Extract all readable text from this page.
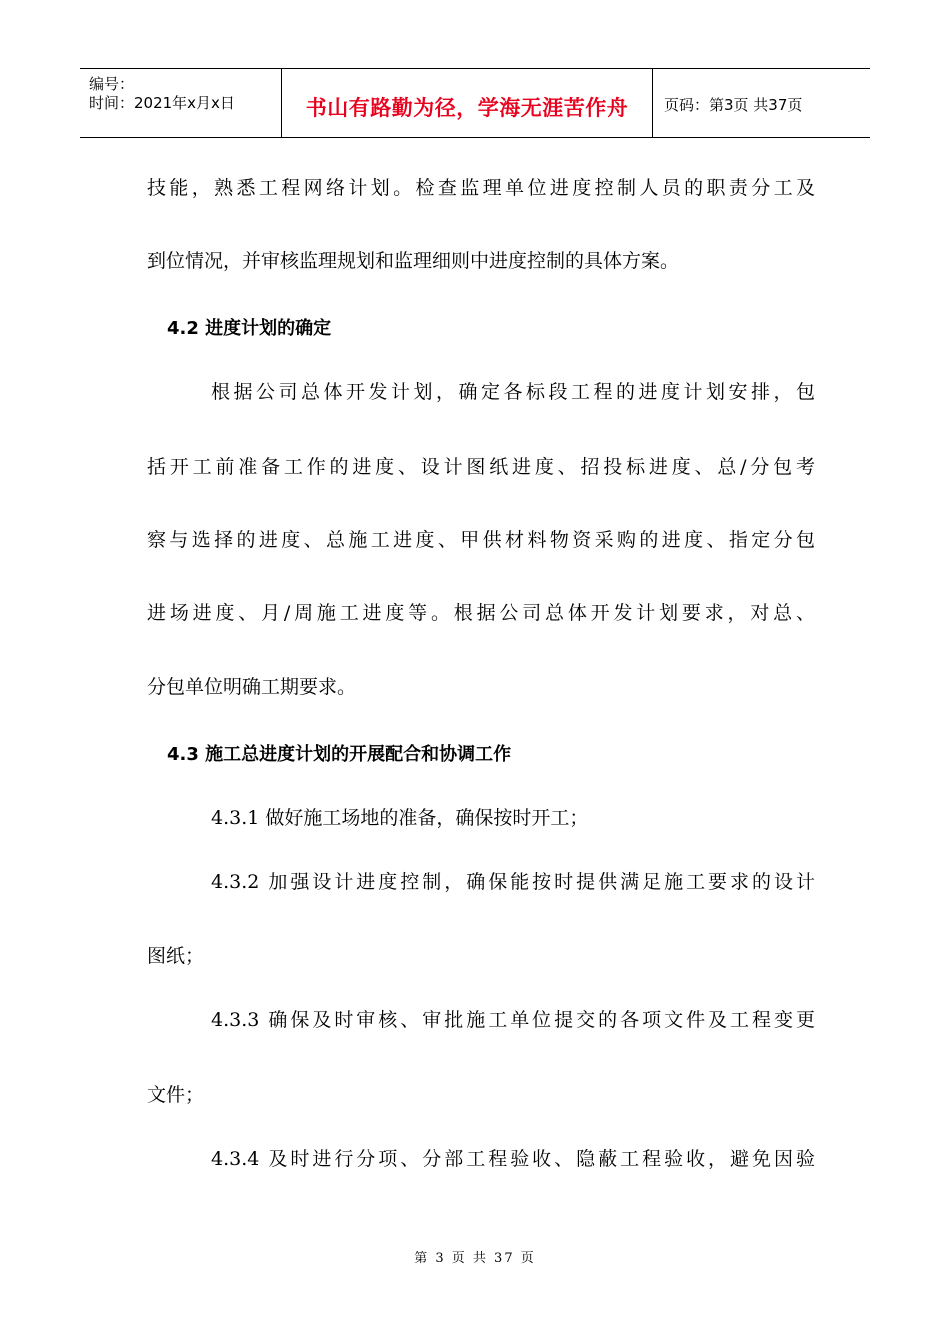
编号：
时间：2021年x月x日	书山有路勤为径，学海无涯苦作舟	页码：第3页 共37页
技能，熟悉工程网络计划。检查监理单位进度控制人员的职责分工及
到位情况，并审核监理规划和监理细则中进度控制的具体方案。
4.2 进度计划的确定
根据公司总体开发计划，确定各标段工程的进度计划安排，包
括开工前准备工作的进度、设计图纸进度、招投标进度、总/分包考
察与选择的进度、总施工进度、甲供材料物资采购的进度、指定分包
进场进度、月/周施工进度等。根据公司总体开发计划要求，对总、
分包单位明确工期要求。
4.3 施工总进度计划的开展配合和协调工作
4.3.1 做好施工场地的准备，确保按时开工；
4.3.2 加强设计进度控制，确保能按时提供满足施工要求的设计
图纸；
4.3.3 确保及时审核、审批施工单位提交的各项文件及工程变更
文件；
4.3.4 及时进行分项、分部工程验收、隐蔽工程验收，避免因验
第 3 页 共 37 页
